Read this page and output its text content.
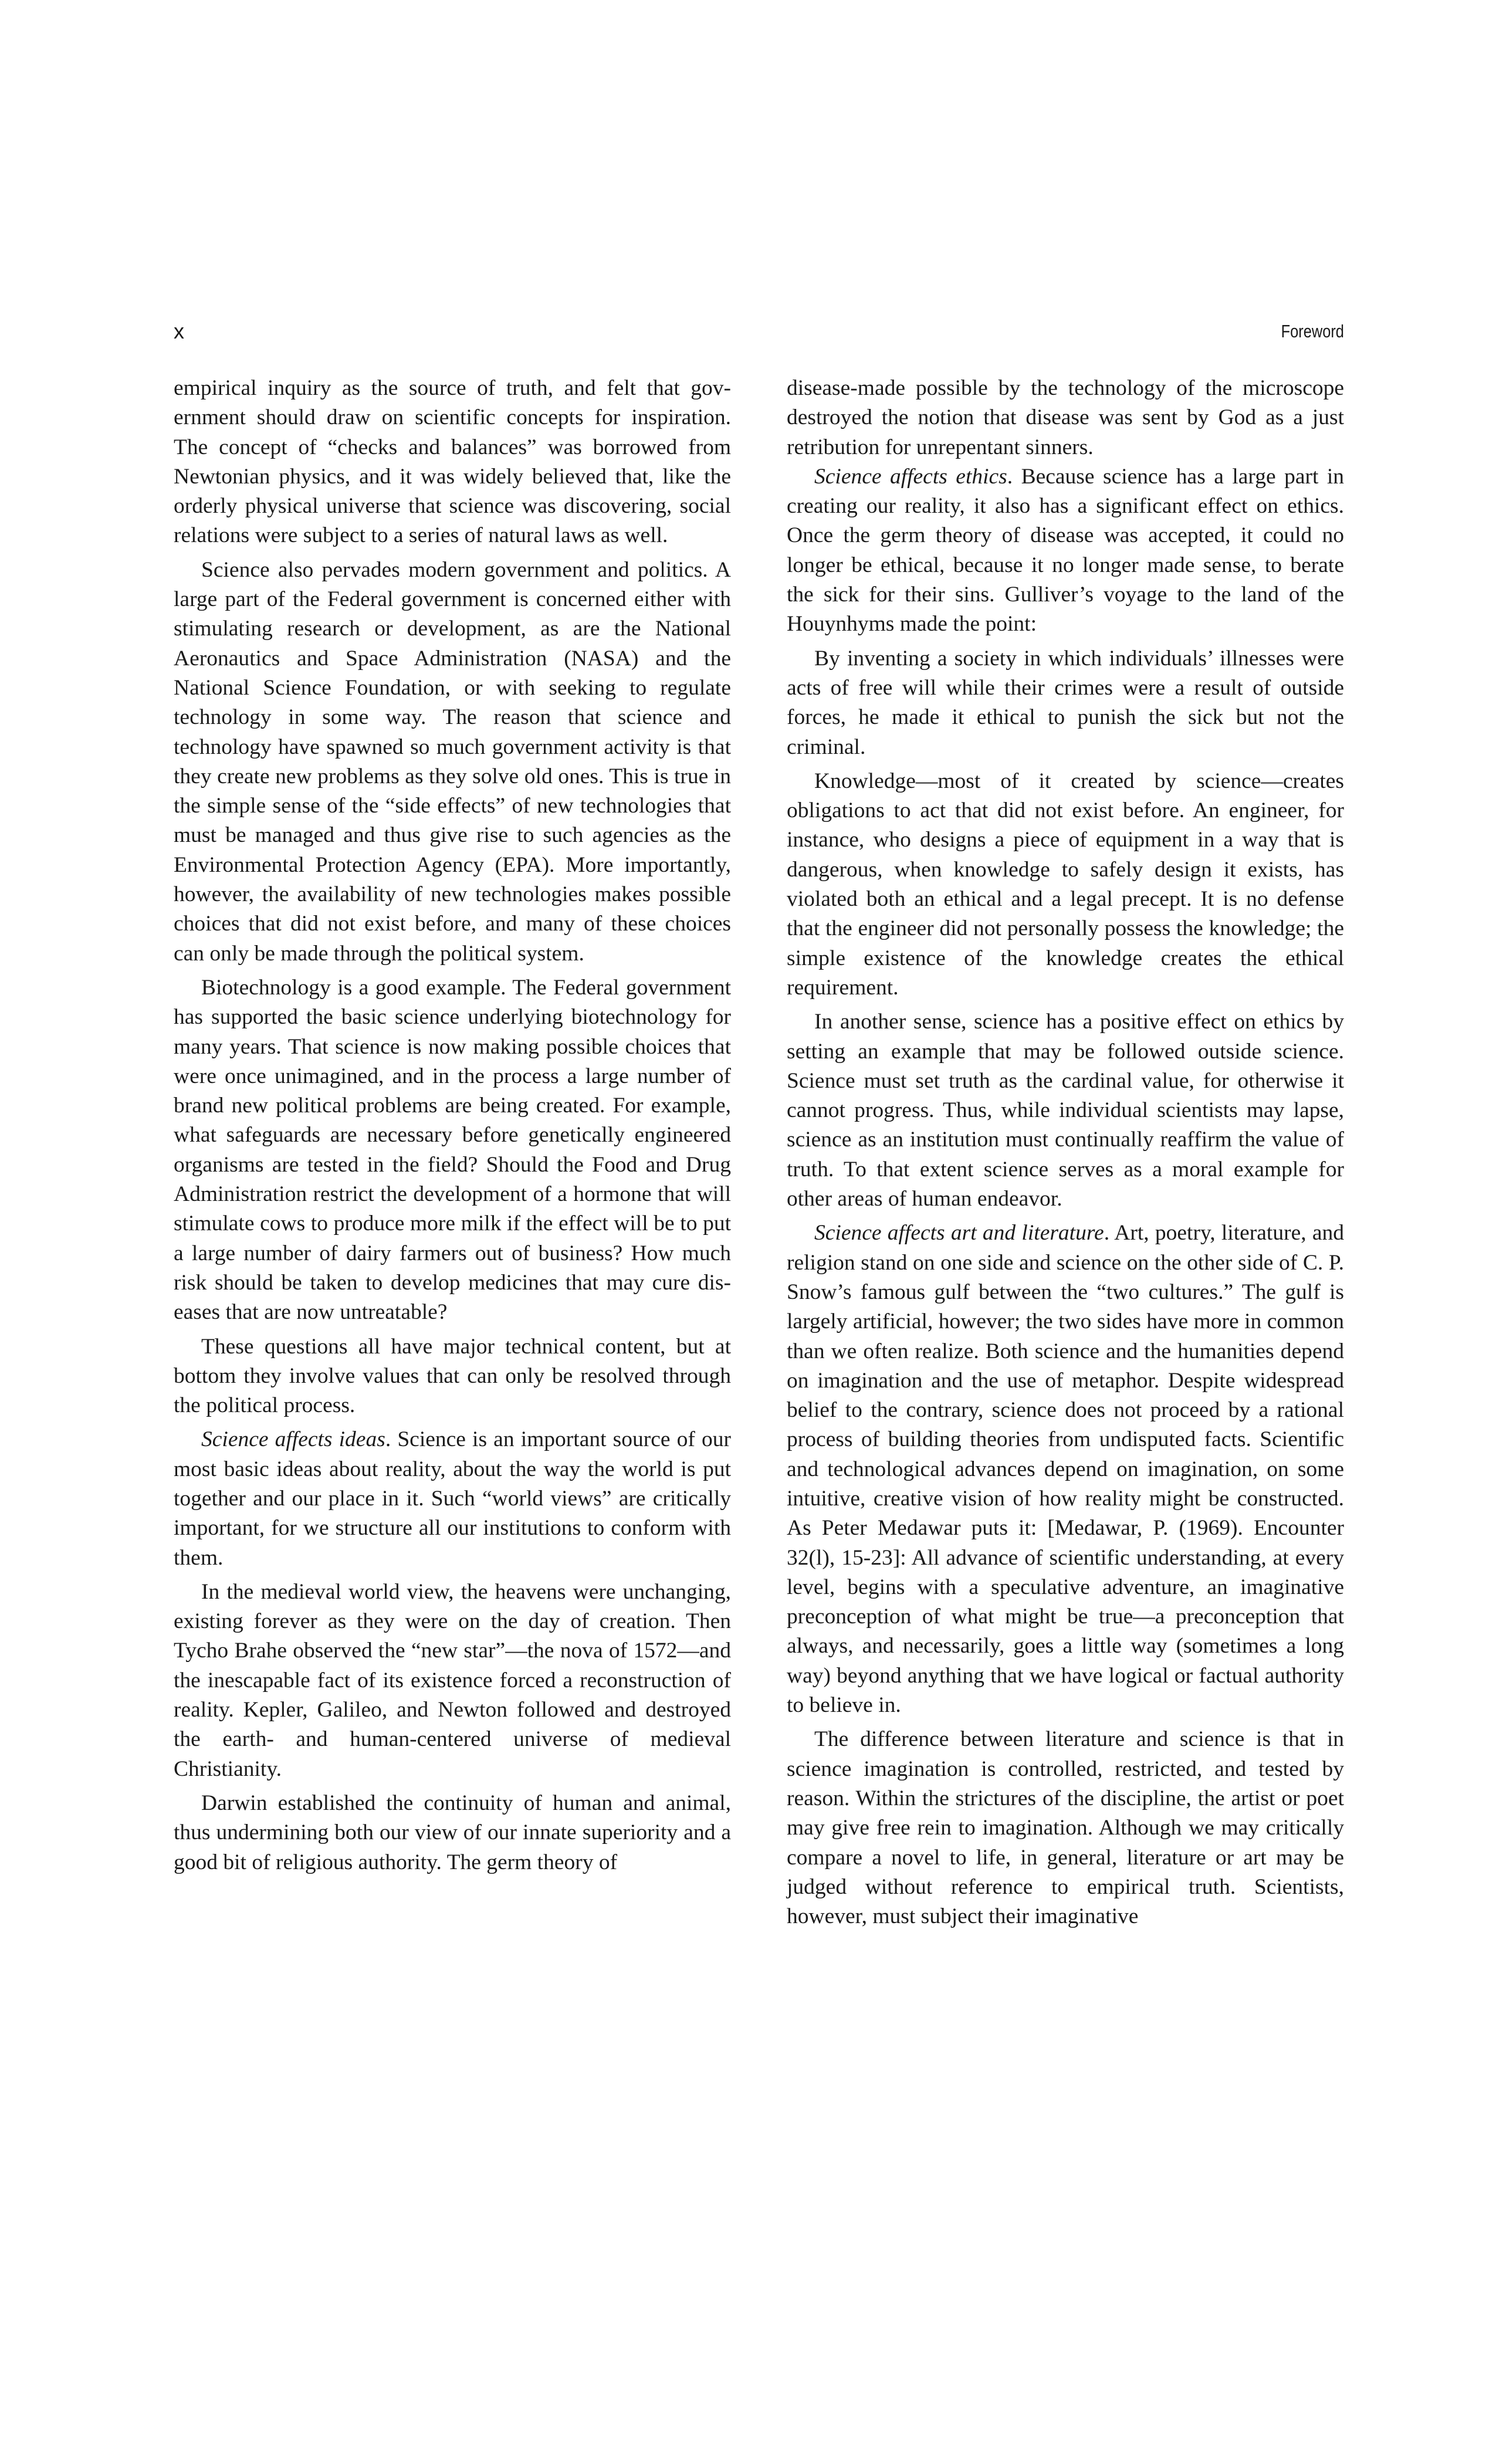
x	Foreword

empirical inquiry as the source of truth, and felt that government should draw on scientific concepts for inspiration. The concept of “checks and balances” was borrowed from Newtonian physics, and it was widely believed that, like the orderly physical universe that science was discovering, social relations were subject to a series of natural laws as well.

Science also pervades modern government and politics. A large part of the Federal government is concerned either with stimulating research or development, as are the National Aeronautics and Space Administration (NASA) and the National Science Foundation, or with seeking to regulate technology in some way. The reason that science and technology have spawned so much government activity is that they create new problems as they solve old ones. This is true in the simple sense of the “side effects” of new technologies that must be managed and thus give rise to such agencies as the Environmental Protection Agency (EPA). More importantly, however, the availability of new technologies makes possible choices that did not exist before, and many of these choices can only be made through the political system.

Biotechnology is a good example. The Federal government has supported the basic science underlying biotechnology for many years. That science is now making possible choices that were once unimagined, and in the process a large number of brand new political problems are being created. For example, what safeguards are necessary before genetically engineered organisms are tested in the field? Should the Food and Drug Administration restrict the development of a hormone that will stimulate cows to produce more milk if the effect will be to put a large number of dairy farmers out of business? How much risk should be taken to develop medicines that may cure diseases that are now untreatable?

These questions all have major technical content, but at bottom they involve values that can only be resolved through the political process.

Science affects ideas. Science is an important source of our most basic ideas about reality, about the way the world is put together and our place in it. Such “world views” are critically important, for we structure all our institutions to conform with them.

In the medieval world view, the heavens were unchanging, existing forever as they were on the day of creation. Then Tycho Brahe observed the “new star”—the nova of 1572—and the inescapable fact of its existence forced a reconstruction of reality. Kepler, Galileo, and Newton followed and destroyed the earth- and human-centered universe of medieval Christianity.

Darwin established the continuity of human and animal, thus undermining both our view of our innate superiority and a good bit of religious authority. The germ theory of

disease-made possible by the technology of the microscope destroyed the notion that disease was sent by God as a just retribution for unrepentant sinners.

Science affects ethics. Because science has a large part in creating our reality, it also has a significant effect on ethics. Once the germ theory of disease was accepted, it could no longer be ethical, because it no longer made sense, to berate the sick for their sins. Gulliver’s voyage to the land of the Houynhyms made the point:

By inventing a society in which individuals’ illnesses were acts of free will while their crimes were a result of outside forces, he made it ethical to punish the sick but not the criminal.

Knowledge—most of it created by science—creates obligations to act that did not exist before. An engineer, for instance, who designs a piece of equipment in a way that is dangerous, when knowledge to safely design it exists, has violated both an ethical and a legal precept. It is no defense that the engineer did not personally possess the knowledge; the simple existence of the knowledge creates the ethical requirement.

In another sense, science has a positive effect on ethics by setting an example that may be followed outside science. Science must set truth as the cardinal value, for otherwise it cannot progress. Thus, while individual scientists may lapse, science as an institution must continually reaffirm the value of truth. To that extent science serves as a moral example for other areas of human endeavor.

Science affects art and literature. Art, poetry, literature, and religion stand on one side and science on the other side of C. P. Snow’s famous gulf between the “two cultures.” The gulf is largely artificial, however; the two sides have more in common than we often realize. Both science and the humanities depend on imagination and the use of metaphor. Despite widespread belief to the contrary, science does not proceed by a rational process of building theories from undisputed facts. Scientific and technological advances depend on imagination, on some intuitive, creative vision of how reality might be constructed. As Peter Medawar puts it: [Medawar, P. (1969). Encounter 32(l), 15-23]: All advance of scientific understanding, at every level, begins with a speculative adventure, an imaginative preconception of what might be true—a preconception that always, and necessarily, goes a little way (sometimes a long way) beyond anything that we have logical or factual authority to believe in.

The difference between literature and science is that in science imagination is controlled, restricted, and tested by reason. Within the strictures of the discipline, the artist or poet may give free rein to imagination. Although we may critically compare a novel to life, in general, literature or art may be judged without reference to empirical truth. Scientists, however, must subject their imaginative
